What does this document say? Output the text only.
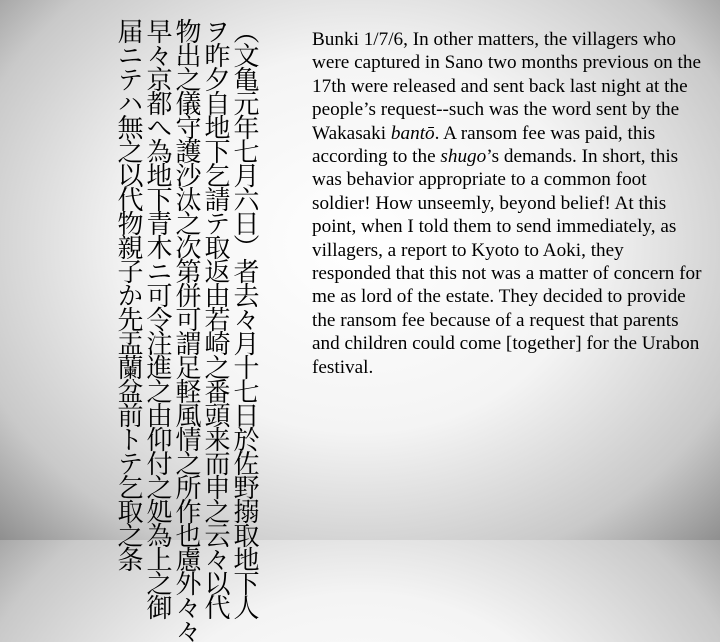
（文亀元年七月六日）者去々月十七日於佐野搦取地下人
ヲ昨夕自地下乞請テ取返由若崎之番頭来而申之云々以代
物出之儀守護沙汰之次第併可謂足軽風情之所作也慮外々々
早々京都へ為地下青木ニ可令注進之由仰付之処為上之御
届ニテハ無之以代物親子か先盂蘭盆前トテ乞取之条	Bunki 1/7/6, In other matters, the villagers who were captured in Sano two months previous on the 17th were released and sent back last night at the people’s request--such was the word sent by the Wakasaki bantō. A ransom fee was paid, this according to the shugo’s demands. In short, this was behavior appropriate to a common foot soldier! How unseemly, beyond belief! At this point, when I told them to send immediately, as villagers, a report to Kyoto to Aoki, they responded that this not was a matter of concern for me as lord of the estate. They decided to provide the ransom fee because of a request that parents and children could come [together] for the Urabon festival.
